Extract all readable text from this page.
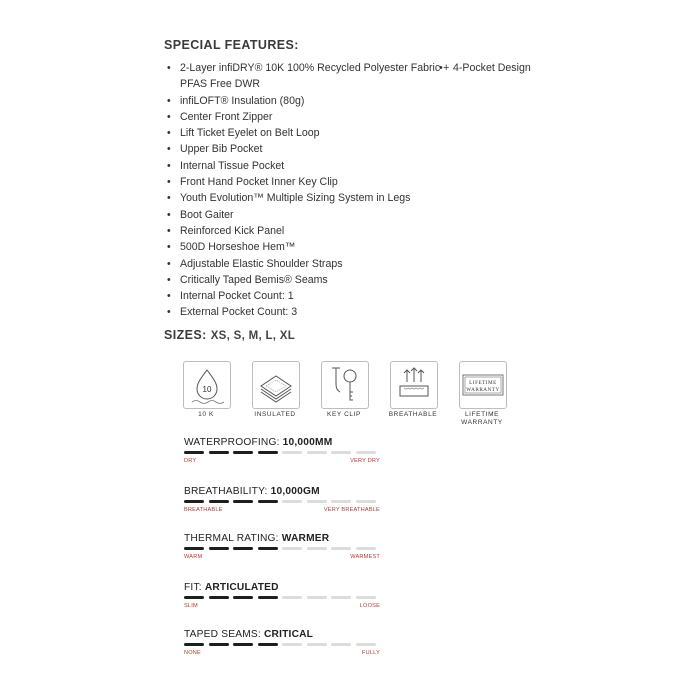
SPECIAL FEATURES:
• 2-Layer infiDRY® 10K 100% Recycled Polyester Fabric +
• 4-Pocket Design
PFAS Free DWR
• infiLOFT® Insulation (80g)
• Center Front Zipper
• Lift Ticket Eyelet on Belt Loop
• Upper Bib Pocket
• Internal Tissue Pocket
• Front Hand Pocket Inner Key Clip
• Youth Evolution™ Multiple Sizing System in Legs
• Boot Gaiter
• Reinforced Kick Panel
• 500D Horseshoe Hem™
• Adjustable Elastic Shoulder Straps
• Critically Taped Bemis® Seams
• Internal Pocket Count: 1
• External Pocket Count: 3
SIZES: XS, S, M, L, XL
10
10 K	INSULATED	KEY CLIP	BREATHABLE
LIFETIME
WARRANTY
LIFETIME
WARRANTY
WATERPROOFING: 10,000MM
DRY	VERY DRY
BREATHABILITY: 10,000GM
BREATHABLE	VERY BREATHABLE
THERMAL RATING: WARMER
WARM	WARMEST
FIT: ARTICULATED
SLIM	LOOSE
TAPED SEAMS: CRITICAL
NONE	FULLY
